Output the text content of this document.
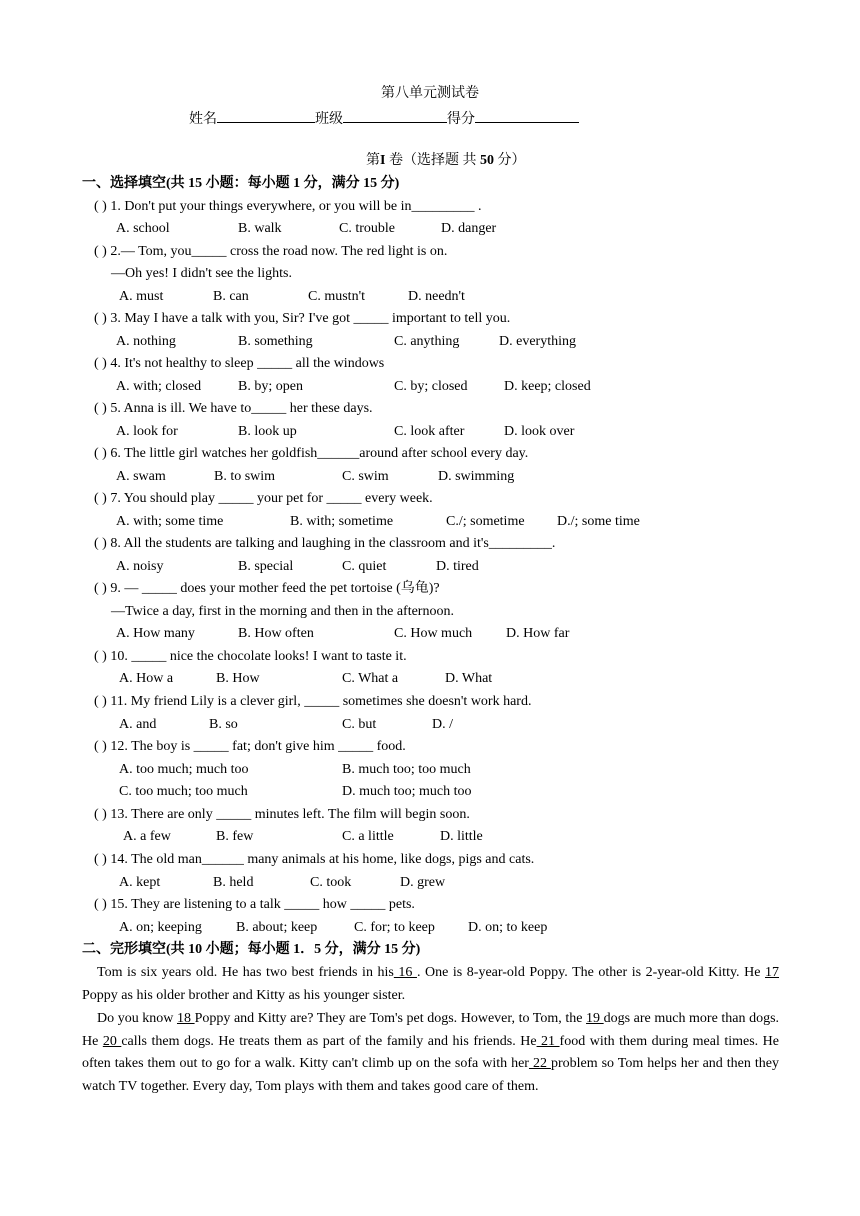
第八单元测试卷
姓名	班级	得分
第I 卷（选择题 共 50 分）
一、选择填空(共 15 小题：每小题 1 分，满分 15 分)
( ) 1. Don't put your things everywhere, or you will be in_________ .
A. school	B. walk	C. trouble	D. danger
( ) 2.— Tom, you_____ cross the road now. The red light is on.
—Oh yes! I didn't see the lights.
A. must	B. can	C. mustn't	D. needn't
( ) 3. May I have a talk with you, Sir? I've got _____ important to tell you.
A. nothing	B. something	C. anything	D. everything
( ) 4. It's not healthy to sleep _____ all the windows
A. with; closed	B. by; open	C. by; closed	D. keep; closed
( ) 5. Anna is ill. We have to_____ her these days.
A. look for	B. look up	C. look after	D. look over
( ) 6. The little girl watches her goldfish______around after school every day.
A. swam	B. to swim	C. swim	D. swimming
( ) 7. You should play _____ your pet for _____ every week.
A. with; some time	B. with; sometime	C./; sometime D./; some time
( ) 8. All the students are talking and laughing in the classroom and it's_________.
A. noisy	B. special	C. quiet	D. tired
( ) 9. — _____ does your mother feed the pet tortoise (乌龟)?
—Twice a day, first in the morning and then in the afternoon.
A. How many	B. How often	C. How much D. How far
( ) 10. _____ nice the chocolate looks! I want to taste it.
A. How a	B. How	C. What a	D. What
( ) 11. My friend Lily is a clever girl, _____ sometimes she doesn't work hard.
A. and	B. so	C. but	D. /
( ) 12. The boy is _____ fat; don't give him _____ food.
A. too much; much too	B. much too; too much
C. too much; too much	D. much too; much too
( ) 13. There are only _____ minutes left. The film will begin soon.
A. a few	B. few	C. a little	D. little
( ) 14. The old man______ many animals at his home, like dogs, pigs and cats.
A. kept	B. held	C. took	D. grew
( ) 15. They are listening to a talk _____ how _____ pets.
A. on; keeping B. about; keep	C. for; to keep D. on; to keep
二、完形填空(共 10 小题；每小题 1．5 分，满分 15 分)
Tom is six years old. He has two best friends in his 16 . One is 8-year-old Poppy. The other is 2-year-old Kitty. He 17 Poppy as his older brother and Kitty as his younger sister.
Do you know 18 Poppy and Kitty are? They are Tom's pet dogs. However, to Tom, the 19 dogs are much more than dogs. He 20 calls them dogs. He treats them as part of the family and his friends. He 21 food with them during meal times. He often takes them out to go for a walk. Kitty can't climb up on the sofa with her 22 problem so Tom helps her and then they watch TV together. Every day, Tom plays with them and takes good care of them.
